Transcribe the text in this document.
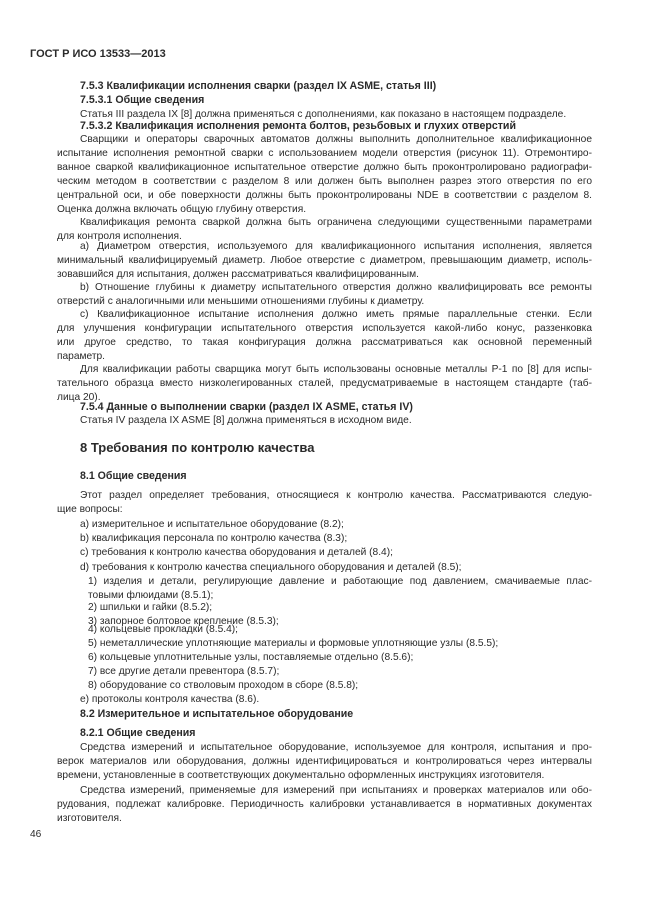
ГОСТ Р ИСО 13533—2013
7.5.3 Квалификации исполнения сварки (раздел IX ASME, статья III)
7.5.3.1 Общие сведения
Статья III раздела IX [8] должна применяться с дополнениями, как показано в настоящем подразделе.
7.5.3.2 Квалификация исполнения ремонта болтов, резьбовых и глухих отверстий
Сварщики и операторы сварочных автоматов должны выполнить дополнительное квалификационное
испытание исполнения ремонтной сварки с использованием модели отверстия (рисунок 11). Отремонтиро-
ванное сваркой квалификационное испытательное отверстие должно быть проконтролировано радиографи-
ческим методом в соответствии с разделом 8 или должен быть выполнен разрез этого отверстия по его
центральной оси, и обе поверхности должны быть проконтролированы NDE в соответствии с разделом 8.
Оценка должна включать общую глубину отверстия.
Квалификация ремонта сваркой должна быть ограничена следующими существенными параметрами
для контроля исполнения.
а) Диаметром отверстия, используемого для квалификационного испытания исполнения, является
минимальный квалифицируемый диаметр. Любое отверстие с диаметром, превышающим диаметр, исполь-
зовавшийся для испытания, должен рассматриваться квалифицированным.
b) Отношение глубины к диаметру испытательного отверстия должно квалифицировать все ремонты
отверстий с аналогичными или меньшими отношениями глубины к диаметру.
c) Квалификационное испытание исполнения должно иметь прямые параллельные стенки. Если
для улучшения конфигурации испытательного отверстия используется какой-либо конус, раззенковка
или другое средство, то такая конфигурация должна рассматриваться как основной переменный
параметр.
Для квалификации работы сварщика могут быть использованы основные металлы P-1 по [8] для испы-
тательного образца вместо низколегированных сталей, предусматриваемые в настоящем стандарте (таб-
лица 20).
7.5.4 Данные о выполнении сварки (раздел IX ASME, статья IV)
Статья IV раздела IX ASME [8] должна применяться в исходном виде.
8 Требования по контролю качества
8.1 Общие сведения
Этот раздел определяет требования, относящиеся к контролю качества. Рассматриваются следую-
щие вопросы:
а) измерительное и испытательное оборудование (8.2);
b) квалификация персонала по контролю качества (8.3);
c) требования к контролю качества оборудования и деталей (8.4);
d) требования к контролю качества специального оборудования и деталей (8.5);
1) изделия и детали, регулирующие давление и работающие под давлением, смачиваемые плас-
товыми флюидами (8.5.1);
2) шпильки и гайки (8.5.2);
3) запорное болтовое крепление (8.5.3);
4) кольцевые прокладки (8.5.4);
5) неметаллические уплотняющие материалы и формовые уплотняющие узлы (8.5.5);
6) кольцевые уплотнительные узлы, поставляемые отдельно (8.5.6);
7) все другие детали превентора (8.5.7);
8) оборудование со стволовым проходом в сборе (8.5.8);
е) протоколы контроля качества (8.6).
8.2 Измерительное и испытательное оборудование
8.2.1 Общие сведения
Средства измерений и испытательное оборудование, используемое для контроля, испытания и про-
верок материалов или оборудования, должны идентифицироваться и контролироваться через интервалы
времени, установленные в соответствующих документально оформленных инструкциях изготовителя.
Средства измерений, применяемые для измерений при испытаниях и проверках материалов или обо-
рудования, подлежат калибровке. Периодичность калибровки устанавливается в нормативных документах
изготовителя.
46
